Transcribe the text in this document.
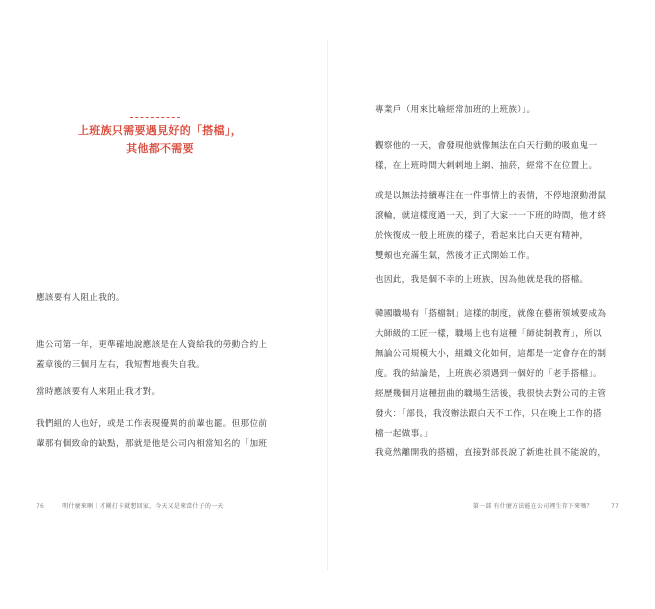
上班族只需要遇見好的「搭檔」，
其他都不需要
應該要有人阻止我的。
進公司第一年，更準確地說應該是在人資給我的勞動合約上
蓋章後的三個月左右，我短暫地喪失自我。
當時應該要有人來阻止我才對。
我們組的人也好，或是工作表現優異的前輩也罷。但那位前
輩那有個致命的缺點，那就是他是公司內相當知名的「加班
76	明什麼來啊｜才剛打卡就想回家，今天又是來當什子的一天
專業戶（用來比喻經常加班的上班族）」。
觀察他的一天，會發現他就像無法在白天行動的吸血鬼一
樣，在上班時間大剌剌地上網、抽菸，經常不在位置上。
或是以無法持續專注在一件事情上的表情，不停地滾動滑鼠
滾輪，就這樣度過一天，到了大家一一下班的時間，他才終
於恢復成一般上班族的樣子，看起來比白天更有精神，
雙頰也充滿生氣，然後才正式開始工作。
也因此，我是個不幸的上班族，因為他就是我的搭檔。
韓國職場有「搭檔制」這樣的制度，就像在藝術領域要成為
大師級的工匠一樣，職場上也有這種「師徒制教育」，所以
無論公司規模大小，組織文化如何，這都是一定會存在的制
度。我的結論是，上班族必須遇到一個好的「老手搭檔」。
經歷幾個月這種扭曲的職場生活後，我很快去對公司的主管
發火：「部長，我沒辦法跟白天不工作，只在晚上工作的搭
檔一起做事。」
我竟然離開我的搭檔，直接對部長說了新進社員不能說的，
第一部 有什麼方法能在公司裡生存下來嗎？	77
